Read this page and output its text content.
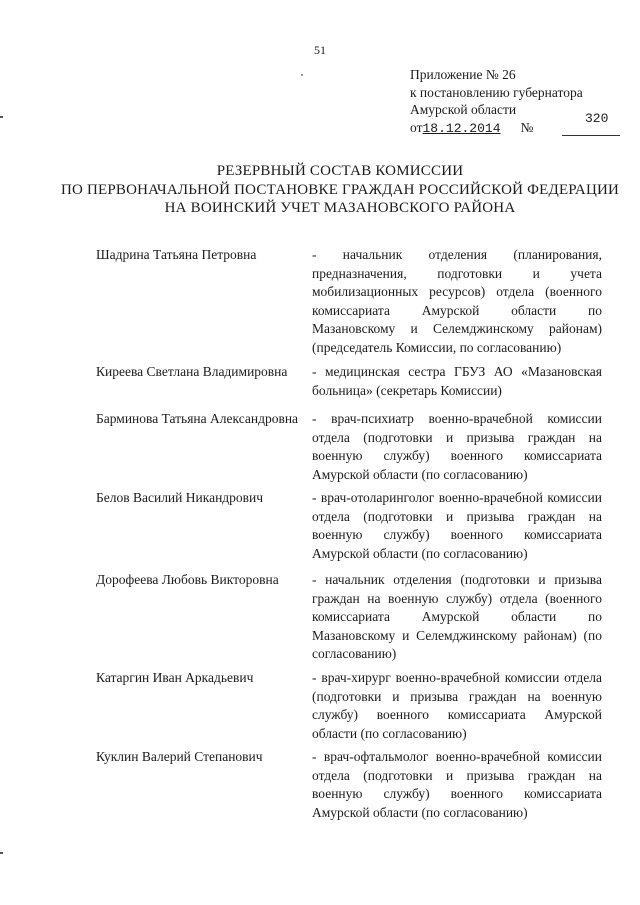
51
Приложение № 26
к постановлению губернатора
Амурской области
от18.12.2014 №
320
РЕЗЕРВНЫЙ СОСТАВ КОМИССИИ
ПО ПЕРВОНАЧАЛЬНОЙ ПОСТАНОВКЕ ГРАЖДАН РОССИЙСКОЙ ФЕДЕРАЦИИ
НА ВОИНСКИЙ УЧЕТ МАЗАНОВСКОГО РАЙОНА
Шадрина Татьяна Петровна	- начальник отделения (планирования, предназначения, подготовки и учета мобилизационных ресурсов) отдела (военного комиссариата Амурской области по Мазановскому и Селемджинскому районам) (председатель Комиссии, по согласованию)
Киреева Светлана Владимировна	- медицинская сестра ГБУЗ АО «Мазановская больница» (секретарь Комиссии)
Барминова Татьяна Александровна - врач-психиатр военно-врачебной комиссии отдела (подготовки и призыва граждан на военную службу) военного комиссариата Амурской области (по согласованию)
Белов Василий Никандрович	- врач-отоларинголог военно-врачебной комиссии отдела (подготовки и призыва граждан на военную службу) военного комиссариата Амурской области (по согласованию)
Дорофеева Любовь Викторовна	- начальник отделения (подготовки и призыва граждан на военную службу) отдела (военного комиссариата Амурской области по Мазановскому и Селемджинскому районам) (по согласованию)
Катаргин Иван Аркадьевич	- врач-хирург военно-врачебной комиссии отдела (подготовки и призыва граждан на военную службу) военного комиссариата Амурской области (по согласованию)
Куклин Валерий Степанович	- врач-офтальмолог военно-врачебной комиссии отдела (подготовки и призыва граждан на военную службу) военного комиссариата Амурской области (по согласованию)
